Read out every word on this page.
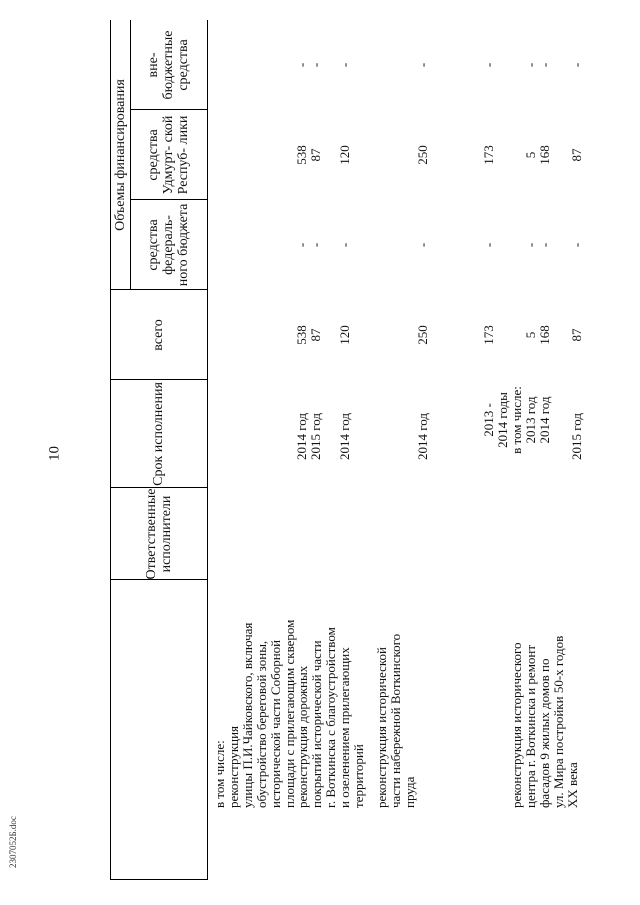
10
2307052Б.doc
Ответственные исполнители
Срок исполнения
всего
Объемы финансирования
средства федераль- ного бюджета
средства Удмурт- ской Респуб- лики
вне- бюджетные средства
в том числе:
реконструкция
улицы П.И.Чайковского, включая
обустройство береговой зоны,
исторической части Соборной
площади с прилегающим сквером
2014 год
2015 год
538
87
-
-
538
87
-
-
реконструкция дорожных
покрытий исторической части
г. Воткинска с благоустройством
и озеленением прилегающих
территорий
2014 год
120
-
120
-
реконструкция исторической
части набережной Воткинского
пруда
2014 год
250
-
250
-
2013 -
2014 годы
в том числе:
2013 год
2014 год
173

5
168
-

-
-
173

5
168
-

-
-
реконструкция исторического
центра г. Воткинска и ремонт
фасадов 9 жилых домов по
ул. Мира постройки 50-х годов
XX века
2015 год
87
-
87
-
